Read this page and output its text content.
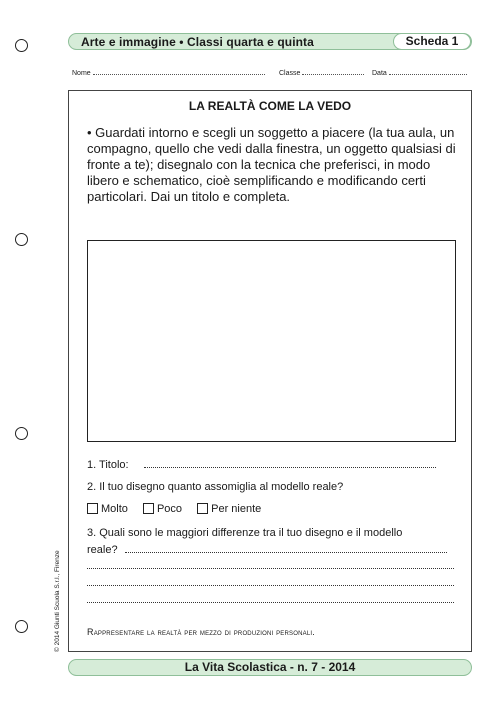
Arte e immagine • Classi quarta e quinta	Scheda 1
Nome	Classe	Data
LA REALTÀ COME LA VEDO
• Guardati intorno e scegli un soggetto a piacere (la tua aula, un compagno, quello che vedi dalla finestra, un oggetto qualsiasi di fronte a te); disegnalo con la tecnica che preferisci, in modo libero e schematico, cioè semplificando e modificando certi particolari. Dai un titolo e completa.
1. Titolo:
2. Il tuo disegno quanto assomiglia al modello reale?
Molto	Poco	Per niente
3. Quali sono le maggiori differenze tra il tuo disegno e il modello
reale?
Rappresentare la realtà per mezzo di produzioni personali.
© 2014 Giunti Scuola S.r.l., Firenze
La Vita Scolastica - n. 7 - 2014
